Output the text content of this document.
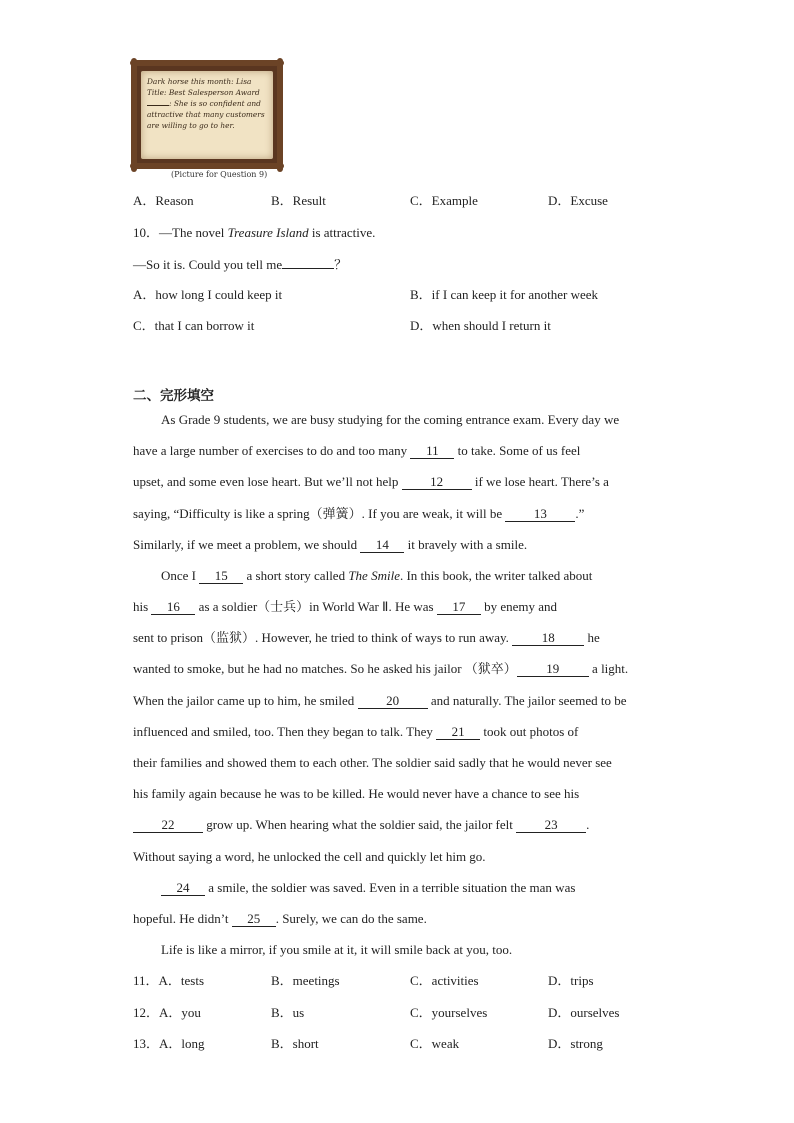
Dark horse this month: Lisa
Title: Best Salesperson Award
: She is so confident and
attractive that many customers
are willing to go to her.
(Picture for Question 9)
A．Reason	B．Result	C．Example	D．Excuse
10．—The novel Treasure Island is attractive.
—So it is. Could you tell me	？
A．how long I could keep it	B．if I can keep it for another week
C．that I can borrow it	D．when should I return it
二、完形填空
As Grade 9 students, we are busy studying for the coming entrance exam. Every day we
have a large number of exercises to do and too many 11 to take. Some of us feel
upset, and some even lose heart. But we’ll not help 12 if we lose heart. There’s a
saying, “Difficulty is like a spring（弹簧）. If you are weak, it will be 13 .”
Similarly, if we meet a problem, we should 14 it bravely with a smile.
Once I 15 a short story called The Smile. In this book, the writer talked about
his 16 as a soldier（士兵）in World War Ⅱ. He was 17 by enemy and
sent to prison（监狱）. However, he tried to think of ways to run away. 18 he
wanted to smoke, but he had no matches. So he asked his jailor （狱卒） 19 a light.
When the jailor came up to him, he smiled 20 and naturally. The jailor seemed to be
influenced and smiled, too. Then they began to talk. They 21 took out photos of
their families and showed them to each other. The soldier said sadly that he would never see
his family again because he was to be killed. He would never have a chance to see his
22 grow up. When hearing what the soldier said, the jailor felt 23 .
Without saying a word, he unlocked the cell and quickly let him go.
24 a smile, the soldier was saved. Even in a terrible situation the man was
hopeful. He didn’t 25 . Surely, we can do the same.
Life is like a mirror, if you smile at it, it will smile back at you, too.
11．A．tests	B．meetings	C．activities	D．trips
12．A．you	B．us	C．yourselves	D．ourselves
13．A．long	B．short	C．weak	D．strong
